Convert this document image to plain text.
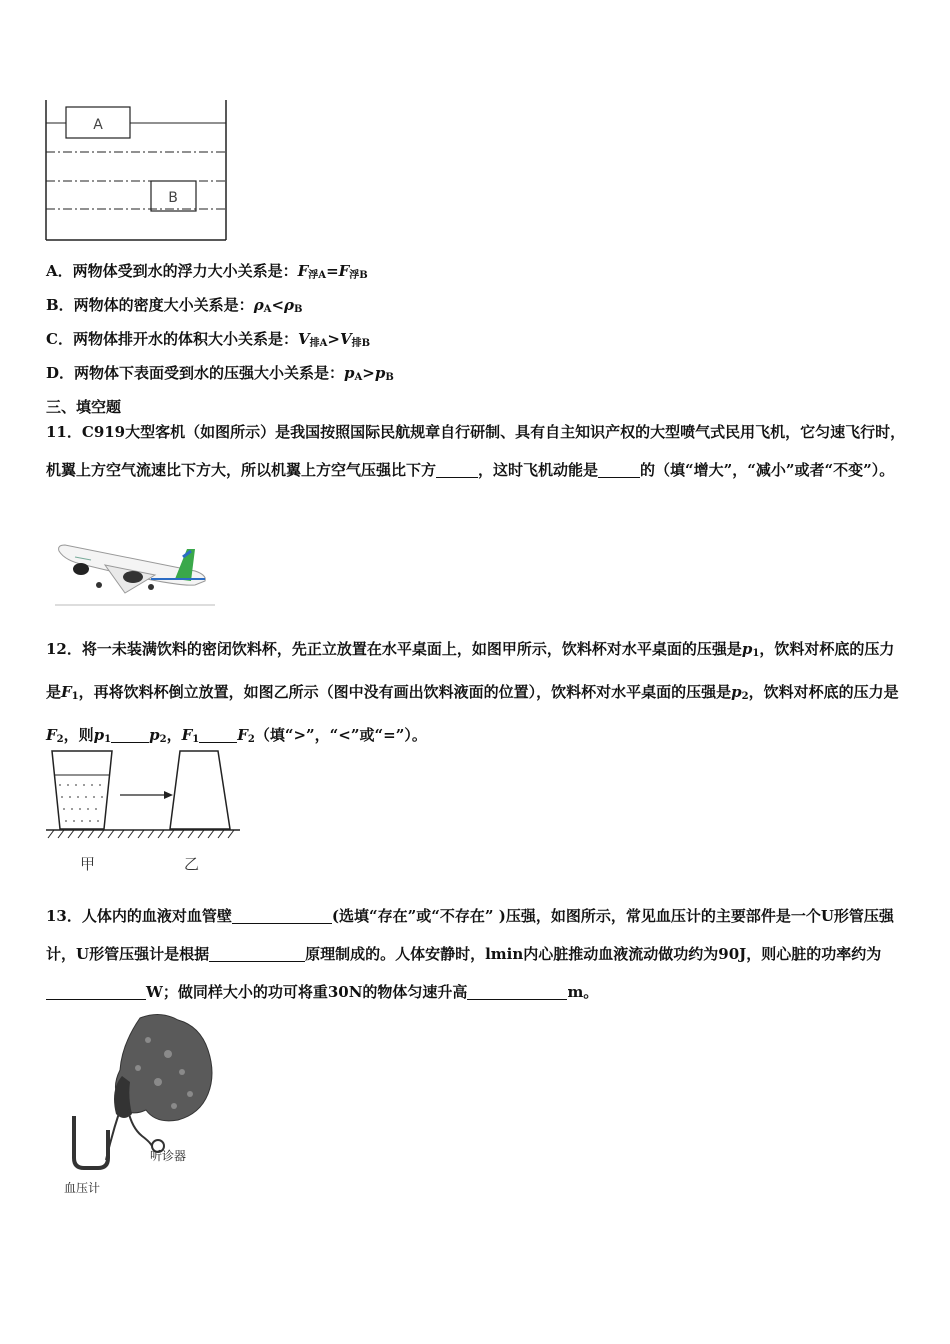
A
B
A．两物体受到水的浮力大小关系是：$F_{浮A}=F_{浮B}$
B．两物体的密度大小关系是：$\rho_A<\rho_B$
C．两物体排开水的体积大小关系是：$V_{排A}>V_{排B}$
D．两物体下表面受到水的压强大小关系是：$p_A>p_B$
三、填空题
11．C919大型客机（如图所示）是我国按照国际民航规章自行研制、具有自主知识产权的大型喷气式民用飞机，它匀速飞行时，机翼上方空气流速比下方大，所以机翼上方空气压强比下方	，这时飞机动能是	的（填“增大”，“减小”或者“不变”）。
12．将一未装满饮料的密闭饮料杯，先正立放置在水平桌面上，如图甲所示，饮料杯对水平桌面的压强是$p_1$，饮料对杯底的压力是$F_1$，再将饮料杯倒立放置，如图乙所示（图中没有画出饮料液面的位置），饮料杯对水平桌面的压强是$p_2$，饮料对杯底的压力是$F_2$，则$p_1$	$p_2$，$F_1$	$F_2$（填“>”，“<”或“=”）。
甲	乙
13．人体内的血液对血管壁	(选填“存在”或“不存在” )压强，如图所示，常见血压计的主要部件是一个U形管压强计，U形管压强计是根据	原理制成的。人体安静时，lmin内心脏推动血液流动做功约为90J，则心脏的功率约为W；做同样大小的功可将重30N的物体匀速升高	m。
听诊器
血压计
